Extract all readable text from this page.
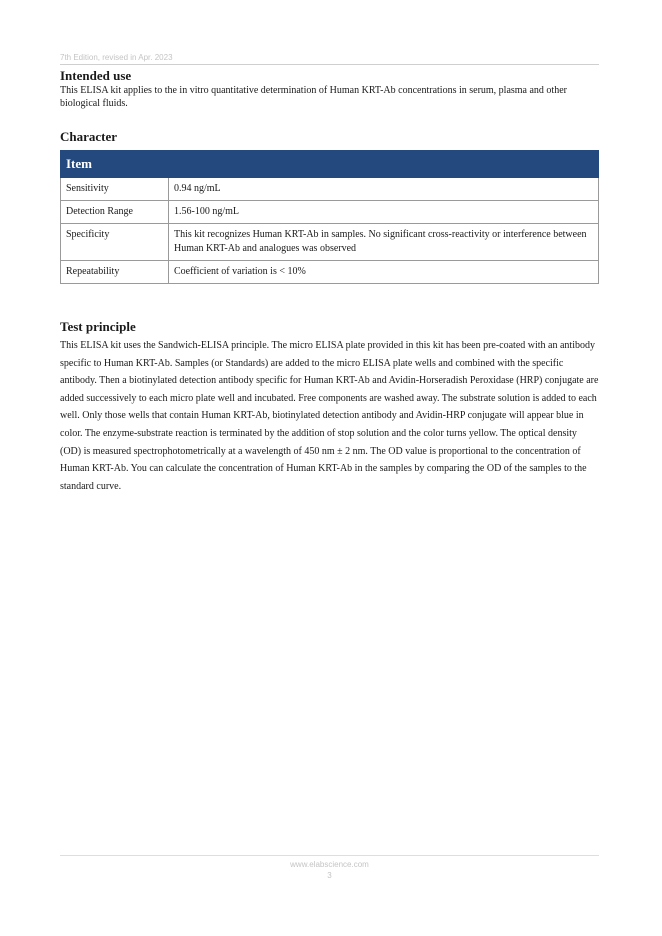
7th Edition, revised in Apr. 2023
Intended use

This ELISA kit applies to the in vitro quantitative determination of Human KRT-Ab concentrations in serum, plasma and other biological fluids.

Character
Item	
Sensitivity	0.94 ng/mL
Detection Range	1.56-100 ng/mL
Specificity	This kit recognizes Human KRT-Ab in samples. No significant cross-reactivity or interference between Human KRT-Ab and analogues was observed
Repeatability	Coefficient of variation is < 10%
Test principle

This ELISA kit uses the Sandwich-ELISA principle. The micro ELISA plate provided in this kit has been pre-coated with an antibody specific to Human KRT-Ab. Samples (or Standards) are added to the micro ELISA plate wells and combined with the specific antibody. Then a biotinylated detection antibody specific for Human KRT-Ab and Avidin-Horseradish Peroxidase (HRP) conjugate are added successively to each micro plate well and incubated. Free components are washed away. The substrate solution is added to each well. Only those wells that contain Human KRT-Ab, biotinylated detection antibody and Avidin-HRP conjugate will appear blue in color. The enzyme-substrate reaction is terminated by the addition of stop solution and the color turns yellow. The optical density (OD) is measured spectrophotometrically at a wavelength of 450 nm ± 2 nm. The OD value is proportional to the concentration of Human KRT-Ab. You can calculate the concentration of Human KRT-Ab in the samples by comparing the OD of the samples to the standard curve.

www.elabscience.com
3
